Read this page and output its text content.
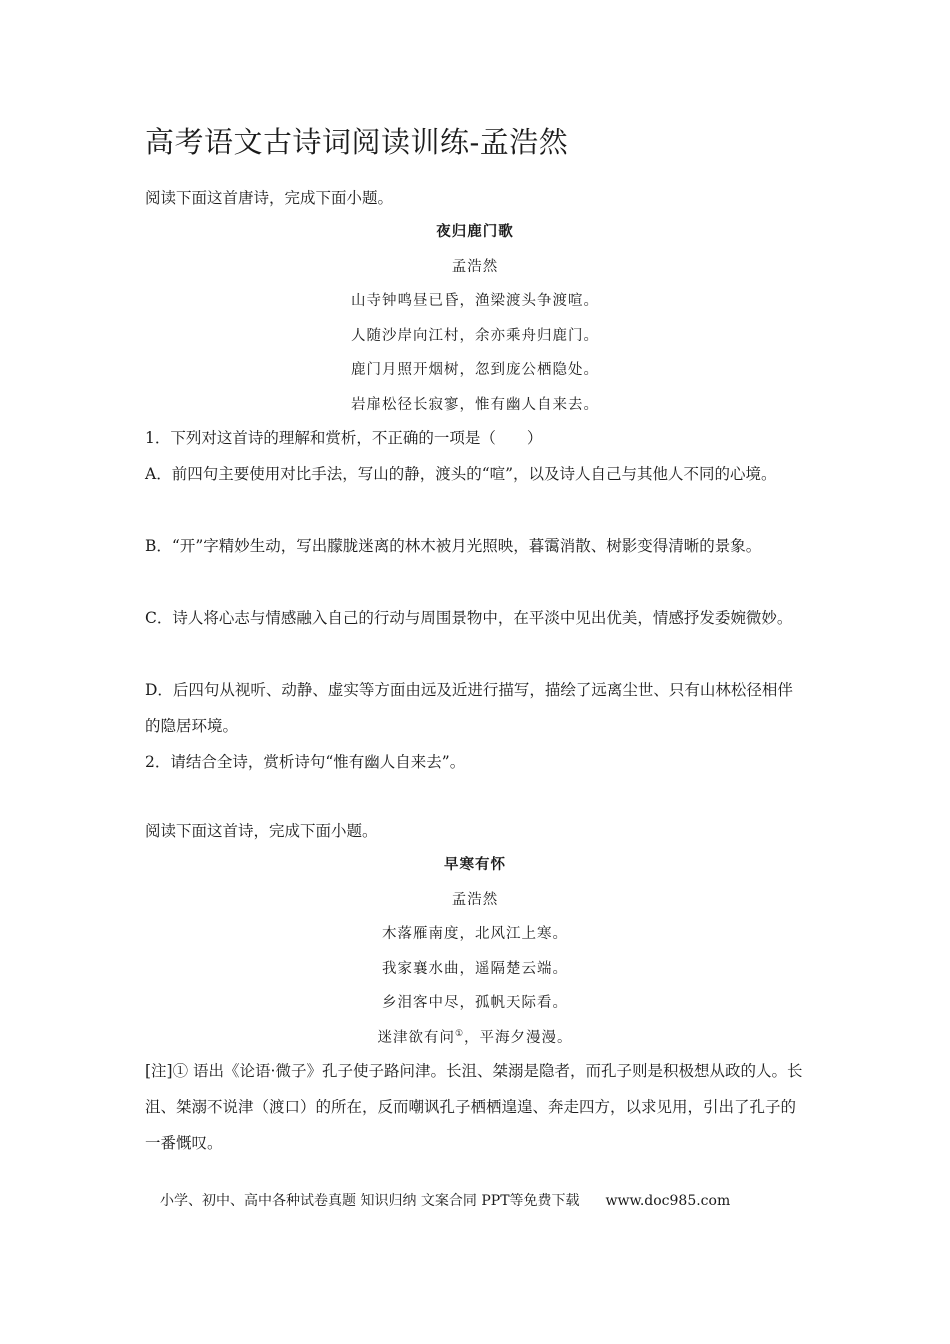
高考语文古诗词阅读训练-孟浩然
阅读下面这首唐诗，完成下面小题。
夜归鹿门歌
孟浩然
山寺钟鸣昼已昏，渔梁渡头争渡喧。
人随沙岸向江村，余亦乘舟归鹿门。
鹿门月照开烟树，忽到庞公栖隐处。
岩扉松径长寂寥，惟有幽人自来去。
1．下列对这首诗的理解和赏析，不正确的一项是（　　）
A．前四句主要使用对比手法，写山的静，渡头的“喧”，以及诗人自己与其他人不同的心境。
B．“开”字精妙生动，写出朦胧迷离的林木被月光照映，暮霭消散、树影变得清晰的景象。
C．诗人将心志与情感融入自己的行动与周围景物中，在平淡中见出优美，情感抒发委婉微妙。
D．后四句从视听、动静、虚实等方面由远及近进行描写，描绘了远离尘世、只有山林松径相伴的隐居环境。
2．请结合全诗，赏析诗句“惟有幽人自来去”。
阅读下面这首诗，完成下面小题。
早寒有怀
孟浩然
木落雁南度，北风江上寒。
我家襄水曲，遥隔楚云端。
乡泪客中尽，孤帆天际看。
迷津欲有问①，平海夕漫漫。
[注]① 语出《论语·微子》孔子使子路问津。长沮、桀溺是隐者，而孔子则是积极想从政的人。长沮、桀溺不说津（渡口）的所在，反而嘲讽孔子栖栖遑遑、奔走四方，以求见用，引出了孔子的一番慨叹。
小学、初中、高中各种试卷真题 知识归纳 文案合同 PPT等免费下载 www.doc985.com
